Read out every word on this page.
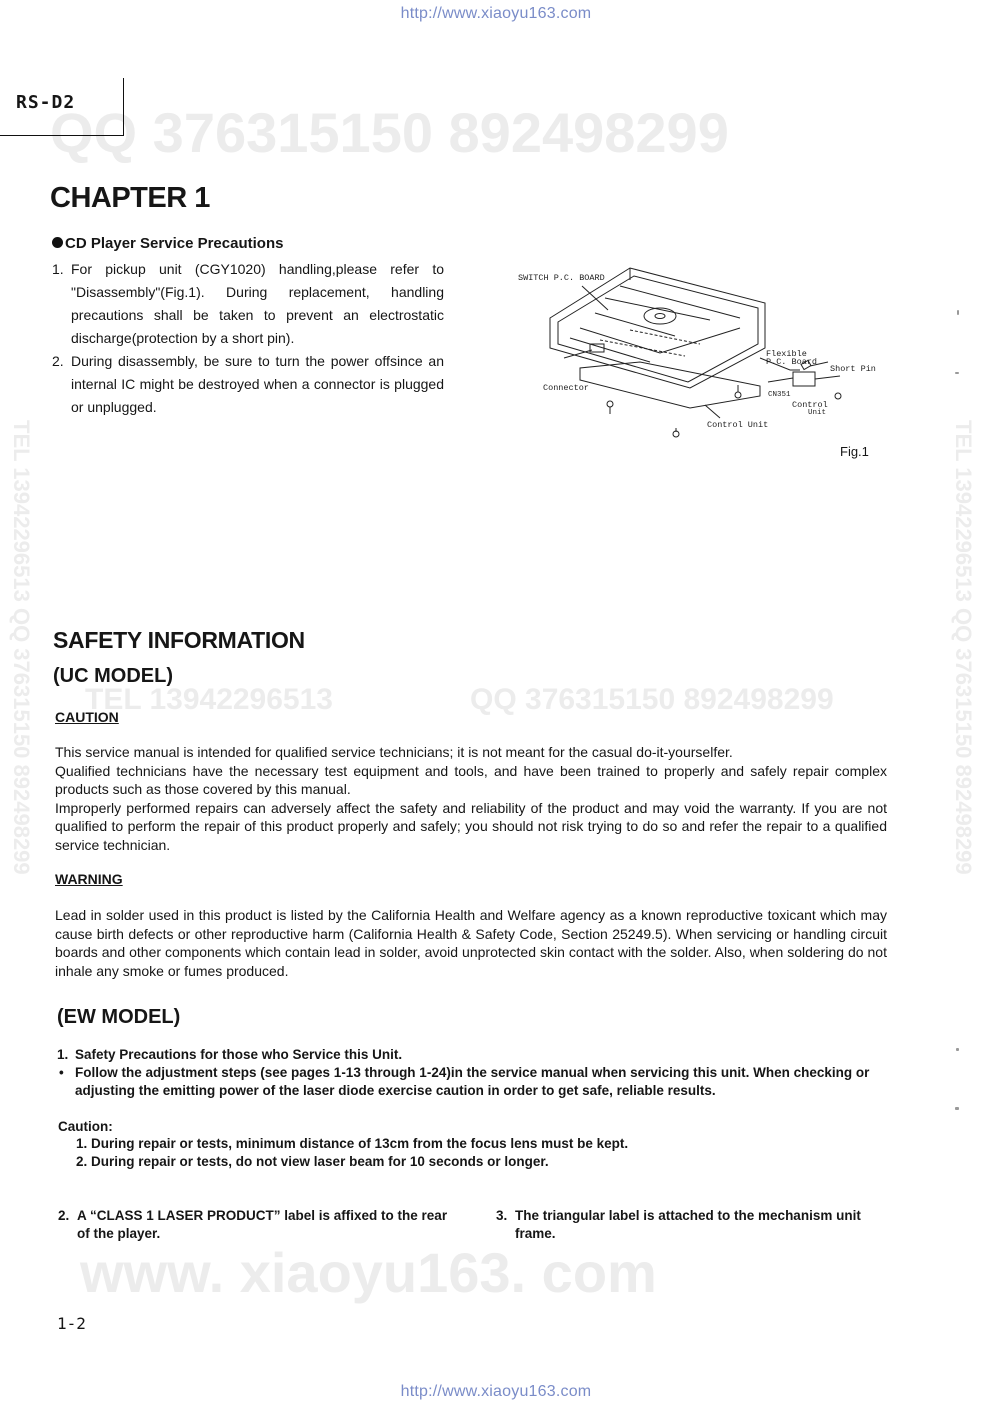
QQ 376315150 892498299
TEL 13942296513	QQ 376315150 892498299
TEL 13942296513 QQ 376315150 892498299	TEL 13942296513 QQ 376315150 892498299
www. xiaoyu163. com
http://www.xiaoyu163.com
RS-D2
CHAPTER 1
CD Player Service Precautions
1. For pickup unit (CGY1020) handling,please refer to "Disassembly"(Fig.1). During replacement, handling precautions shall be taken to prevent an electrostatic discharge(protection by a short pin).
2. During disassembly, be sure to turn the power offsince an internal IC might be destroyed when a connector is plugged or unplugged.
SWITCH P.C. BOARD
Flexible
P.C. Board
Short Pin
Connector
CN351
Control
Unit
Control Unit
Fig.1
SAFETY INFORMATION
(UC MODEL)
CAUTION
This service manual is intended for qualified service technicians; it is not meant for the casual do-it-yourselfer.
Qualified technicians have the necessary test equipment and tools, and have been trained to properly and safely repair complex products such as those covered by this manual.
Improperly performed repairs can adversely affect the safety and reliability of the product and may void the warranty. If you are not qualified to perform the repair of this product properly and safely; you should not risk trying to do so and refer the repair to a qualified service technician.
WARNING
Lead in solder used in this product is listed by the California Health and Welfare agency as a known reproductive toxicant which may cause birth defects or other reproductive harm (California Health & Safety Code, Section 25249.5). When servicing or handling circuit boards and other components which contain lead in solder, avoid unprotected skin contact with the solder. Also, when soldering do not inhale any smoke or fumes produced.
(EW MODEL)
1. Safety Precautions for those who Service this Unit.
• Follow the adjustment steps (see pages 1-13 through 1-24)in the service manual when servicing this unit. When checking or adjusting the emitting power of the laser diode exercise caution in order to get safe, reliable results.
Caution:
1. During repair or tests, minimum distance of 13cm from the focus lens must be kept.
2. During repair or tests, do not view laser beam for 10 seconds or longer.
2. A “CLASS 1 LASER PRODUCT” label is affixed to the rear of the player.
3. The triangular label is attached to the mechanism unit frame.
1-2
http://www.xiaoyu163.com
